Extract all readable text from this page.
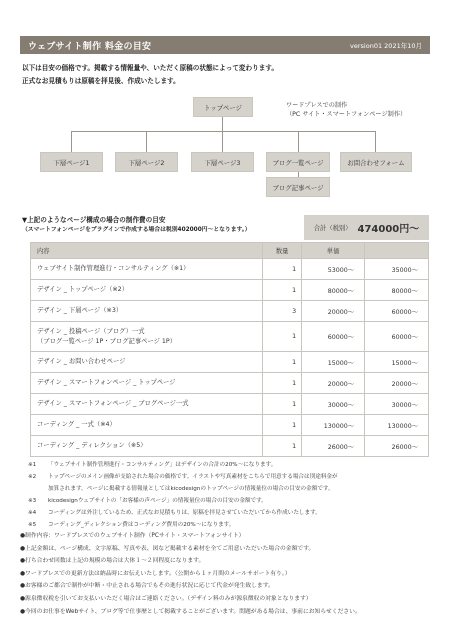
ウェブサイト制作 料金の目安	version01 2021年10月
以下は目安の価格です。掲載する情報量や、いただく原稿の状態によって変わります。
正式なお見積もりは原稿を拝見後、作成いたします。
トップページ	ワードプレスでの制作
（PC サイト・スマートフォンページ制作）
下層ページ1	下層ページ2	下層ページ3	ブログ一覧ページ	お問合わせフォーム
ブログ記事ページ
▼上記のようなページ構成の場合の制作費の目安
（スマートフォンページをプラグインで作成する場合は税別402000円〜となります。）	合計（税別） 474000円〜
内容	数量	単価	

ウェブサイト制作管理進行・コンサルティング（※1）	1	53000〜	35000〜

デザイン _ トップページ（※2）	1	80000〜	80000〜

デザイン _ 下層ページ（※3）	3	20000〜	60000〜

デザイン _ 投稿ページ（ブログ）一式
（ブログ一覧ページ 1P・ブログ記事ページ 1P）	1	60000〜	60000〜

デザイン _ お問い合わせページ	1	15000〜	15000〜

デザイン _ スマートフォンページ _ トップページ	1	20000〜	20000〜

デザイン _ スマートフォンページ _ ブログページ一式	1	30000〜	30000〜

コーディング _ 一式（※4）	1	130000〜	130000〜

コーディング _ ディレクション（※5）	1	26000〜	26000〜
※1	「ウェブサイト制作管理進行・コンサルティング」はデザインの合計の20%〜になります。
※2	トップページのメイン画像が支給された場合の価格です。イラストや写真素材をこちらで用意する場合は別途料金が
加算されます。ページに掲載する情報量としてはkicodesignのトップページの情報量位の場合の目安の金額です。
※3	kicodesignウェブサイトの「お客様の声ページ」の情報量位の場合の目安の金額です。
※4	コーディングは外注しているため、正式なお見積もりは、原稿を拝見させていただいてから作成いたします。
※5	コーディング_ディレクション費はコーディング費用の20%〜になります。
●制作内容：ワードプレスでのウェブサイト制作（PCサイト・スマートフォンサイト）
●上記金額は、ページ構成、文字原稿、写真や表、図など掲載する素材を全てご用意いただいた場合の金額です。
●打ち合わせ回数は上記の規模の場合は大体１〜２回程度になります。
●ワードプレスでの更新方法は納品時にお伝えいたします。（公開から１ヶ月間のメールサポート有り。）
●お客様のご都合で制作が中断・中止される場合でもその進行状況に応じて代金が発生致します。
●源泉徴収税を引いてお支払いいただく場合はご連絡ください。（デザイン料のみが源泉徴収の対象となります）
●今回のお仕事をWebサイト、ブログ等で仕事歴として掲載することがございます。問題がある場合は、事前にお知らせください。
